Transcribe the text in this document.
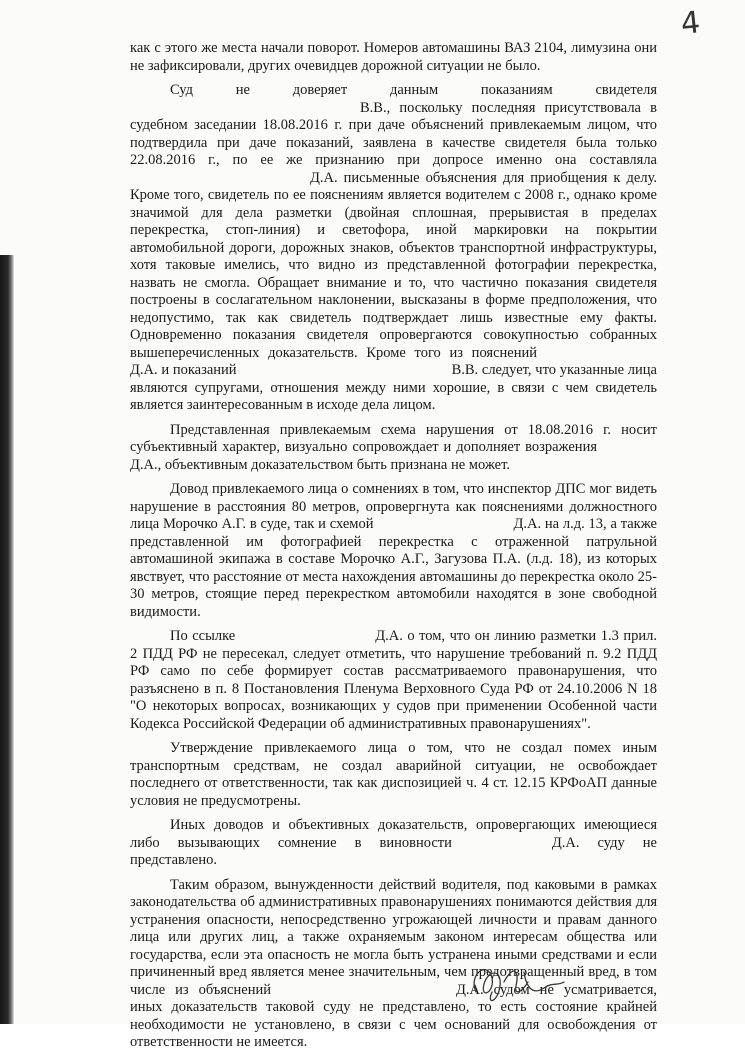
4

как с этого же места начали поворот. Номеров автомашины ВАЗ 2104, лимузина они не зафиксировали, других очевидцев дорожной ситуации не было.

Суд не доверяет данным показаниям свидетеляВ.В., поскольку последняя присутствовала в судебном заседании 18.08.2016 г. при даче объяснений привлекаемым лицом, что подтвердила при даче показаний, заявлена в качестве свидетеля была только 22.08.2016 г., по ее же признанию при допросе именно она составлялаД.А. письменные объяснения для приобщения к делу. Кроме того, свидетель по ее пояснениям является водителем с 2008 г., однако кроме значимой для дела разметки (двойная сплошная, прерывистая в пределах перекрестка, стоп-линия) и светофора, иной маркировки на покрытии автомобильной дороги, дорожных знаков, объектов транспортной инфраструктуры, хотя таковые имелись, что видно из представленной фотографии перекрестка, назвать не смогла. Обращает внимание и то, что частично показания свидетеля построены в сослагательном наклонении, высказаны в форме предположения, что недопустимо, так как свидетель подтверждает лишь известные ему факты. Одновременно показания свидетеля опровергаются совокупностью собранных вышеперечисленных доказательств. Кроме того из поясненийД.А. и показаний	В.В. следует, что указанные лица являются супругами, отношения между ними хорошие, в связи с чем свидетель является заинтересованным в исходе дела лицом.

Представленная привлекаемым схема нарушения от 18.08.2016 г. носит субъективный характер, визуально сопровождает и дополняет возраженияД.А., объективным доказательством быть признана не может.

Довод привлекаемого лица о сомнениях в том, что инспектор ДПС мог видеть нарушение в расстояния 80 метров, опровергнута как пояснениями должностного лица Морочко А.Г. в суде, так и схемой	Д.А. на л.д. 13, а также представленной им фотографией перекрестка с отраженной патрульной автомашиной экипажа в составе Морочко А.Г., Загузова П.А. (л.д. 18), из которых явствует, что расстояние от места нахождения автомашины до перекрестка около 25-30 метров, стоящие перед перекрестком автомобили находятся в зоне свободной видимости.

По ссылке	Д.А. о том, что он линию разметки 1.3 прил. 2 ПДД РФ не пересекал, следует отметить, что нарушение требований п. 9.2 ПДД РФ само по себе формирует состав рассматриваемого правонарушения, что разъяснено в п. 8 Постановления Пленума Верховного Суда РФ от 24.10.2006 N 18 "О некоторых вопросах, возникающих у судов при применении Особенной части Кодекса Российской Федерации об административных правонарушениях".

Утверждение привлекаемого лица о том, что не создал помех иным транспортным средствам, не создал аварийной ситуации, не освобождает последнего от ответственности, так как диспозицией ч. 4 ст. 12.15 КРФоАП данные условия не предусмотрены.

Иных доводов и объективных доказательств, опровергающих имеющиеся либо вызывающих сомнение в виновности	Д.А. суду не представлено.

Таким образом, вынужденности действий водителя, под каковыми в рамках законодательства об административных правонарушениях понимаются действия для устранения опасности, непосредственно угрожающей личности и правам данного лица или других лиц, а также охраняемым законом интересам общества или государства, если эта опасность не могла быть устранена иными средствами и если причиненный вред является менее значительным, чем предотвращенный вред, в том числе из объяснений	Д.А. судом не усматривается, иных доказательств таковой суду не представлено, то есть состояние крайней необходимости не установлено, в связи с чем оснований для освобождения от ответственности не имеется.
